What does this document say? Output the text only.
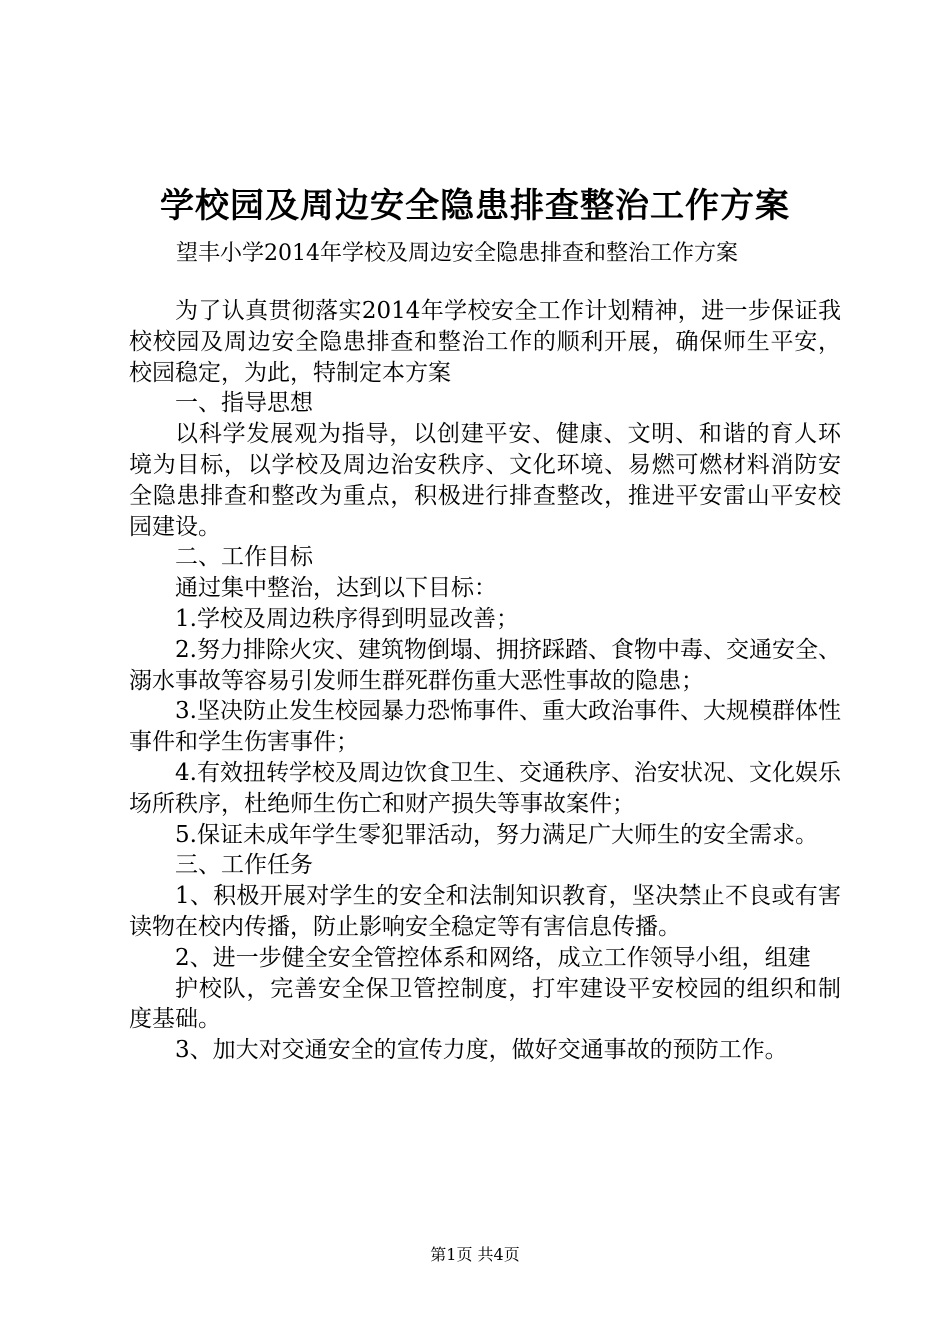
学校园及周边安全隐患排查整治工作方案
望丰小学2014年学校及周边安全隐患排查和整治工作方案

为了认真贯彻落实2014年学校安全工作计划精神，进一步保证我校校园及周边安全隐患排查和整治工作的顺利开展，确保师生平安，校园稳定，为此，特制定本方案

一、指导思想

以科学发展观为指导，以创建平安、健康、文明、和谐的育人环境为目标，以学校及周边治安秩序、文化环境、易燃可燃材料消防安全隐患排查和整改为重点，积极进行排查整改，推进平安雷山平安校园建设。

二、工作目标

通过集中整治，达到以下目标：

1.学校及周边秩序得到明显改善；

2.努力排除火灾、建筑物倒塌、拥挤踩踏、食物中毒、交通安全、溺水事故等容易引发师生群死群伤重大恶性事故的隐患；

3.坚决防止发生校园暴力恐怖事件、重大政治事件、大规模群体性事件和学生伤害事件；

4.有效扭转学校及周边饮食卫生、交通秩序、治安状况、文化娱乐场所秩序，杜绝师生伤亡和财产损失等事故案件；

5.保证未成年学生零犯罪活动，努力满足广大师生的安全需求。

三、工作任务

1、积极开展对学生的安全和法制知识教育，坚决禁止不良或有害读物在校内传播，防止影响安全稳定等有害信息传播。

2、进一步健全安全管控体系和网络，成立工作领导小组，组建

护校队，完善安全保卫管控制度，打牢建设平安校园的组织和制度基础。

3、加大对交通安全的宣传力度，做好交通事故的预防工作。

第1页 共4页
